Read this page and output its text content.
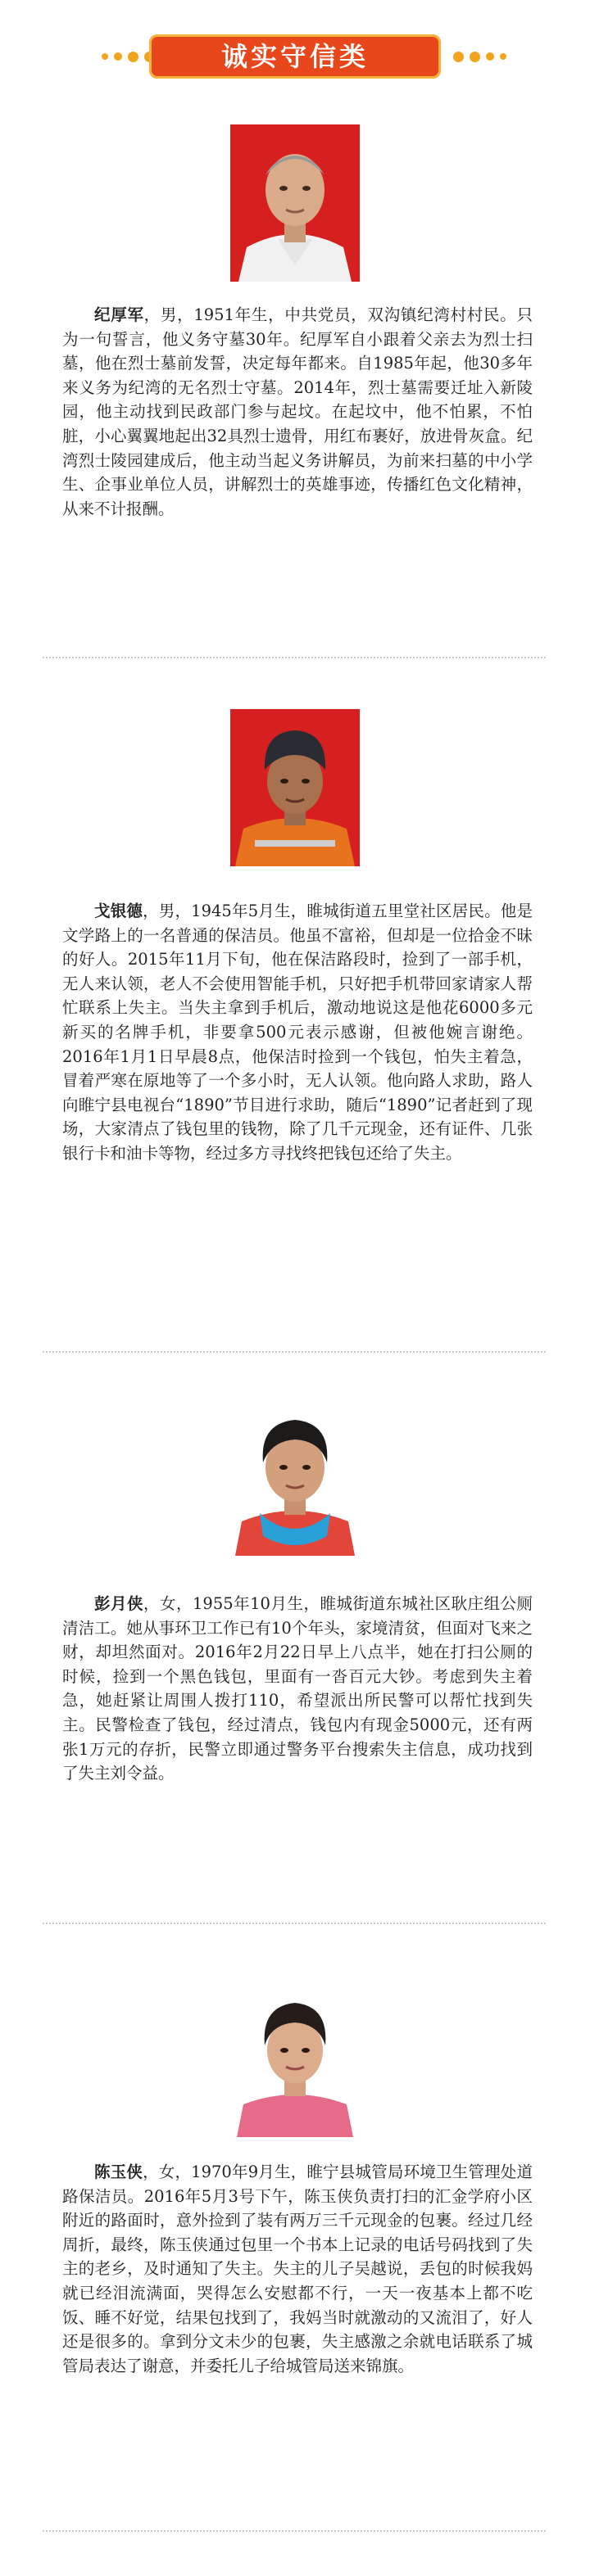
诚实守信类

纪厚军，男，1951年生，中共党员，双沟镇纪湾村村民。只为一句誓言，他义务守墓30年。纪厚军自小跟着父亲去为烈士扫墓，他在烈士墓前发誓，决定每年都来。自1985年起，他30多年来义务为纪湾的无名烈士守墓。2014年，烈士墓需要迁址入新陵园，他主动找到民政部门参与起坟。在起坟中，他不怕累，不怕脏，小心翼翼地起出32具烈士遗骨，用红布裹好，放进骨灰盒。纪湾烈士陵园建成后，他主动当起义务讲解员，为前来扫墓的中小学生、企事业单位人员，讲解烈士的英雄事迹，传播红色文化精神，从来不计报酬。

戈银德，男，1945年5月生，睢城街道五里堂社区居民。他是文学路上的一名普通的保洁员。他虽不富裕，但却是一位拾金不昧的好人。2015年11月下旬，他在保洁路段时，捡到了一部手机，无人来认领，老人不会使用智能手机，只好把手机带回家请家人帮忙联系上失主。当失主拿到手机后，激动地说这是他花6000多元新买的名牌手机，非要拿500元表示感谢，但被他婉言谢绝。2016年1月1日早晨8点，他保洁时捡到一个钱包，怕失主着急，冒着严寒在原地等了一个多小时，无人认领。他向路人求助，路人向睢宁县电视台“1890”节目进行求助，随后“1890”记者赶到了现场，大家清点了钱包里的钱物，除了几千元现金，还有证件、几张银行卡和油卡等物，经过多方寻找终把钱包还给了失主。

彭月侠，女，1955年10月生，睢城街道东城社区耿庄组公厕清洁工。她从事环卫工作已有10个年头，家境清贫，但面对飞来之财，却坦然面对。2016年2月22日早上八点半，她在打扫公厕的时候，捡到一个黑色钱包，里面有一沓百元大钞。考虑到失主着急，她赶紧让周围人拨打110，希望派出所民警可以帮忙找到失主。民警检查了钱包，经过清点，钱包内有现金5000元，还有两张1万元的存折，民警立即通过警务平台搜索失主信息，成功找到了失主刘令益。

陈玉侠，女，1970年9月生，睢宁县城管局环境卫生管理处道路保洁员。2016年5月3号下午，陈玉侠负责打扫的汇金学府小区附近的路面时，意外捡到了装有两万三千元现金的包裹。经过几经周折，最终，陈玉侠通过包里一个书本上记录的电话号码找到了失主的老乡，及时通知了失主。失主的儿子吴越说，丢包的时候我妈就已经泪流满面，哭得怎么安慰都不行，一天一夜基本上都不吃饭、睡不好觉，结果包找到了，我妈当时就激动的又流泪了，好人还是很多的。拿到分文未少的包裹，失主感激之余就电话联系了城管局表达了谢意，并委托儿子给城管局送来锦旗。
